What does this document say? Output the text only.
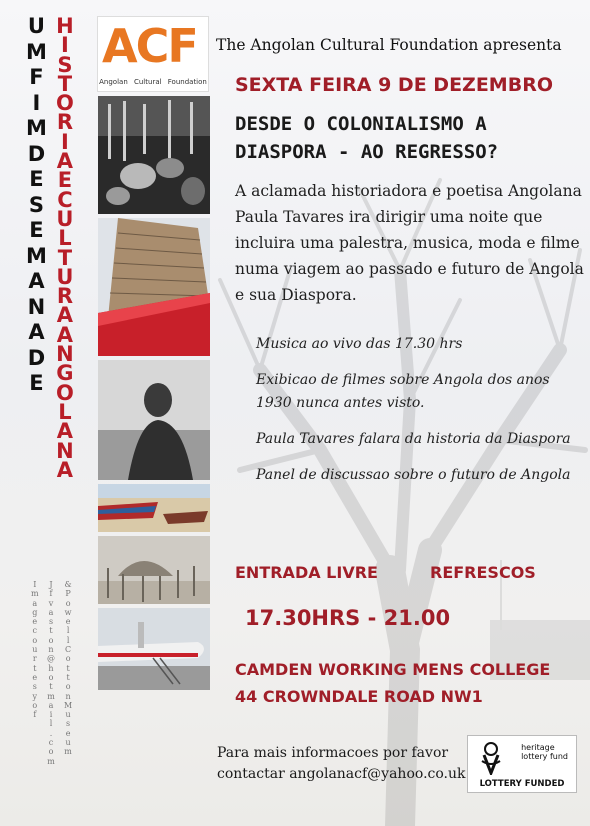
U
M
F
I
M
D
E
S
E
M
A
N
A
D
E
H
I
S
T
O
R
I
A
E
C
U
L
T
U
R
A
A
N
G
O
L
A
N
A
I
m
a
g
e
c
o
u
r
t
e
s
y
o
f
J
f
v
a
s
t
o
n
@
h
o
t
m
a
i
l
.
c
o
m
&
P
o
w
e
l
l
C
o
t
t
o
n
M
u
s
e
u
m
ACF
Angolan Cultural Foundation

The Angolan Cultural Foundation apresenta
SEXTA FEIRA 9 DE DEZEMBRO
DESDE O COLONIALISMO A
DIASPORA - AO REGRESSO?
A aclamada historiadora e poetisa Angolana Paula Tavares ira dirigir uma noite que incluira uma palestra, musica, moda e filme numa viagem ao passado e futuro de Angola e sua Diaspora.
Musica ao vivo das 17.30 hrs
Exibicao de filmes sobre Angola dos anos 1930 nunca antes visto.
Paula Tavares falara da historia da Diaspora
Panel de discussao sobre o futuro de Angola
ENTRADA LIVRE	REFRESCOS
17.30HRS - 21.00
CAMDEN WORKING MENS COLLEGE
44 CROWNDALE ROAD NW1
Para mais informacoes por favor
contactar angolanacf@yahoo.co.uk
heritage
lottery fund
LOTTERY FUNDED
